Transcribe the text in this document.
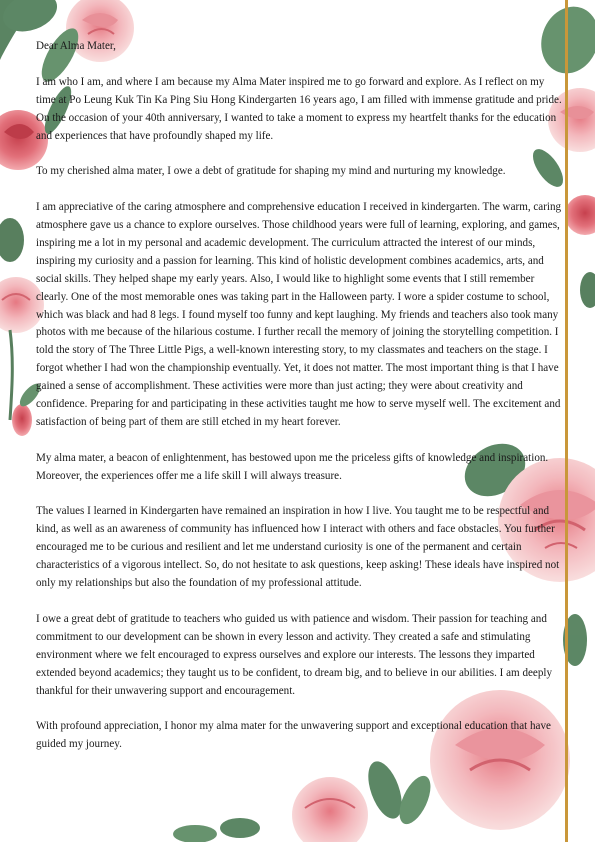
Dear Alma Mater,

I am who I am, and where I am because my Alma Mater inspired me to go forward and explore. As I reflect on my time at Po Leung Kuk Tin Ka Ping Siu Hong Kindergarten 16 years ago, I am filled with immense gratitude and pride. On the occasion of your 40th anniversary, I wanted to take a moment to express my heartfelt thanks for the education and experiences that have profoundly shaped my life.

To my cherished alma mater, I owe a debt of gratitude for shaping my mind and nurturing my knowledge.

I am appreciative of the caring atmosphere and comprehensive education I received in kindergarten. The warm, caring atmosphere gave us a chance to explore ourselves. Those childhood years were full of learning, exploring, and games, inspiring me a lot in my personal and academic development. The curriculum attracted the interest of our minds, inspiring my curiosity and a passion for learning. This kind of holistic development combines academics, arts, and social skills. They helped shape my early years. Also, I would like to highlight some events that I still remember clearly. One of the most memorable ones was taking part in the Halloween party. I wore a spider costume to school, which was black and had 8 legs. I found myself too funny and kept laughing. My friends and teachers also took many photos with me because of the hilarious costume. I further recall the memory of joining the storytelling competition. I told the story of The Three Little Pigs, a well-known interesting story, to my classmates and teachers on the stage. I forgot whether I had won the championship eventually. Yet, it does not matter. The most important thing is that I have gained a sense of accomplishment. These activities were more than just acting; they were about creativity and confidence. Preparing for and participating in these activities taught me how to serve myself well. The excitement and satisfaction of being part of them are still etched in my heart forever.

My alma mater, a beacon of enlightenment, has bestowed upon me the priceless gifts of knowledge and inspiration. Moreover, the experiences offer me a life skill I will always treasure.

The values I learned in Kindergarten have remained an inspiration in how I live. You taught me to be respectful and kind, as well as an awareness of community has influenced how I interact with others and face obstacles. You further encouraged me to be curious and resilient and let me understand curiosity is one of the permanent and certain characteristics of a vigorous intellect. So, do not hesitate to ask questions, keep asking! These ideals have inspired not only my relationships but also the foundation of my professional attitude.

I owe a great debt of gratitude to teachers who guided us with patience and wisdom. Their passion for teaching and commitment to our development can be shown in every lesson and activity. They created a safe and stimulating environment where we felt encouraged to express ourselves and explore our interests. The lessons they imparted extended beyond academics; they taught us to be confident, to dream big, and to believe in our abilities. I am deeply thankful for their unwavering support and encouragement.

With profound appreciation, I honor my alma mater for the unwavering support and exceptional education that have guided my journey.
